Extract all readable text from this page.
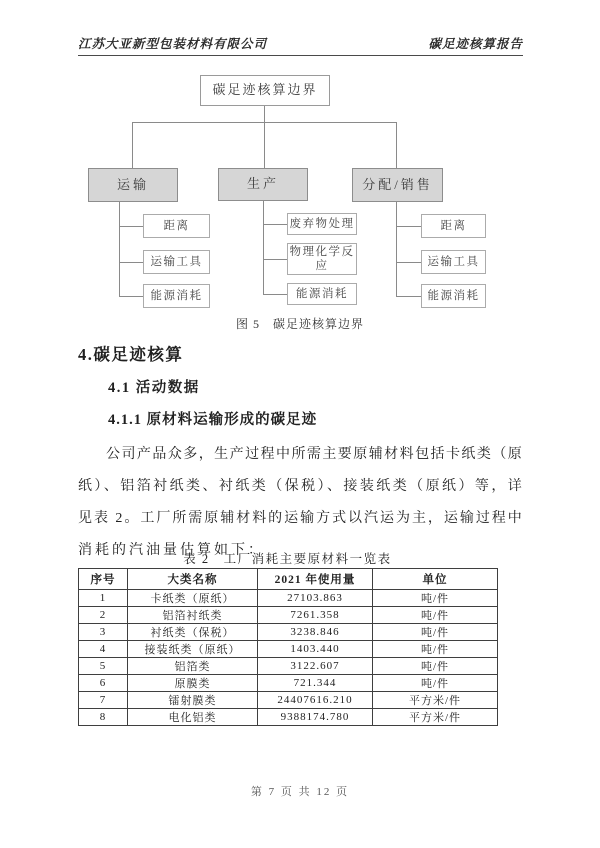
江苏大亚新型包装材料有限公司	碳足迹核算报告
碳足迹核算边界
运输	生产	分配/销售
距离
运输工具
能源消耗
废弃物处理
物理化学反应
能源消耗
距离
运输工具
能源消耗
图 5　碳足迹核算边界
4.碳足迹核算
4.1 活动数据
4.1.1 原材料运输形成的碳足迹
公司产品众多，生产过程中所需主要原辅材料包括卡纸类（原
纸）、铝箔衬纸类、衬纸类（保税）、接装纸类（原纸）等，详
见表 2。工厂所需原辅材料的运输方式以汽运为主，运输过程中
消耗的汽油量估算如下：
表 2　工厂消耗主要原材料一览表
序号	大类名称	2021 年使用量	单位
1	卡纸类（原纸）	27103.863	吨/件
2	铝箔衬纸类	7261.358	吨/件
3	衬纸类（保税）	3238.846	吨/件
4	接装纸类（原纸）	1403.440	吨/件
5	铝箔类	3122.607	吨/件
6	原膜类	721.344	吨/件
7	镭射膜类	24407616.210	平方米/件
8	电化铝类	9388174.780	平方米/件
第 7 页 共 12 页
